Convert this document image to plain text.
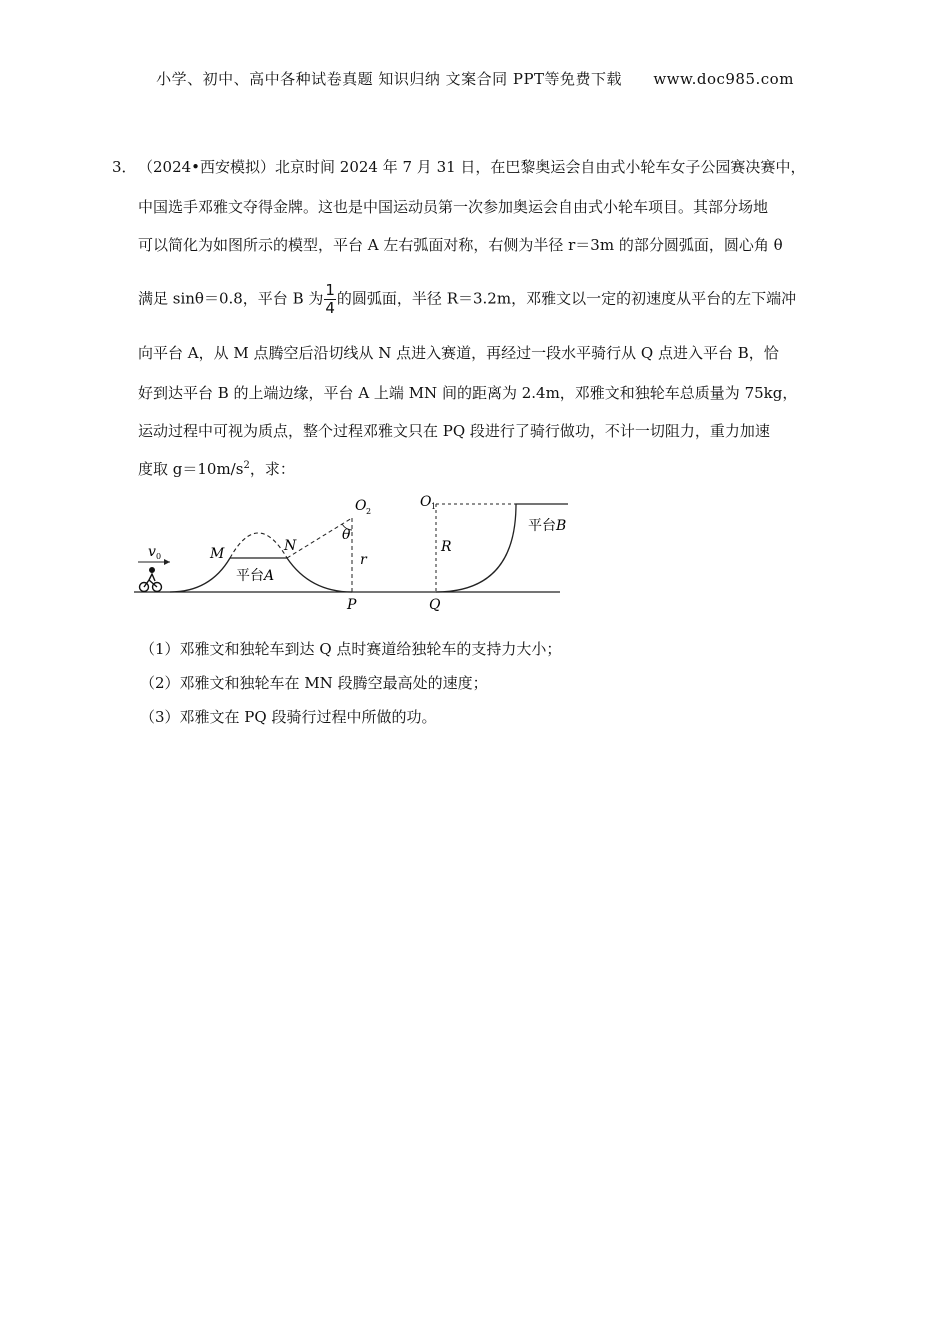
小学、初中、高中各种试卷真题 知识归纳 文案合同 PPT等免费下载 www.doc985.com
3． （2024•西安模拟）北京时间 2024 年 7 月 31 日，在巴黎奥运会自由式小轮车女子公园赛决赛中，
中国选手邓雅文夺得金牌。这也是中国运动员第一次参加奥运会自由式小轮车项目。其部分场地
可以简化为如图所示的模型，平台 A 左右弧面对称，右侧为半径 r＝3m 的部分圆弧面，圆心角 θ
满足 sinθ＝0.8，平台 B 为 $\frac{1}{4}$ 的圆弧面，半径 R＝3.2m，邓雅文以一定的初速度从平台的左下端冲
向平台 A，从 M 点腾空后沿切线从 N 点进入赛道，再经过一段水平骑行从 Q 点进入平台 B，恰
好到达平台 B 的上端边缘，平台 A 上端 MN 间的距离为 2.4m，邓雅文和独轮车总质量为 75kg，
运动过程中可视为质点，整个过程邓雅文只在 PQ 段进行了骑行做功，不计一切阻力，重力加速
度取 $g=10m/s^2$，求：
v 0	M	N
O 2
θ
r
平台A
P	Q
O 1
R
平台B
（1）邓雅文和独轮车到达 Q 点时赛道给独轮车的支持力大小；
（2）邓雅文和独轮车在 MN 段腾空最高处的速度；
（3）邓雅文在 PQ 段骑行过程中所做的功。
